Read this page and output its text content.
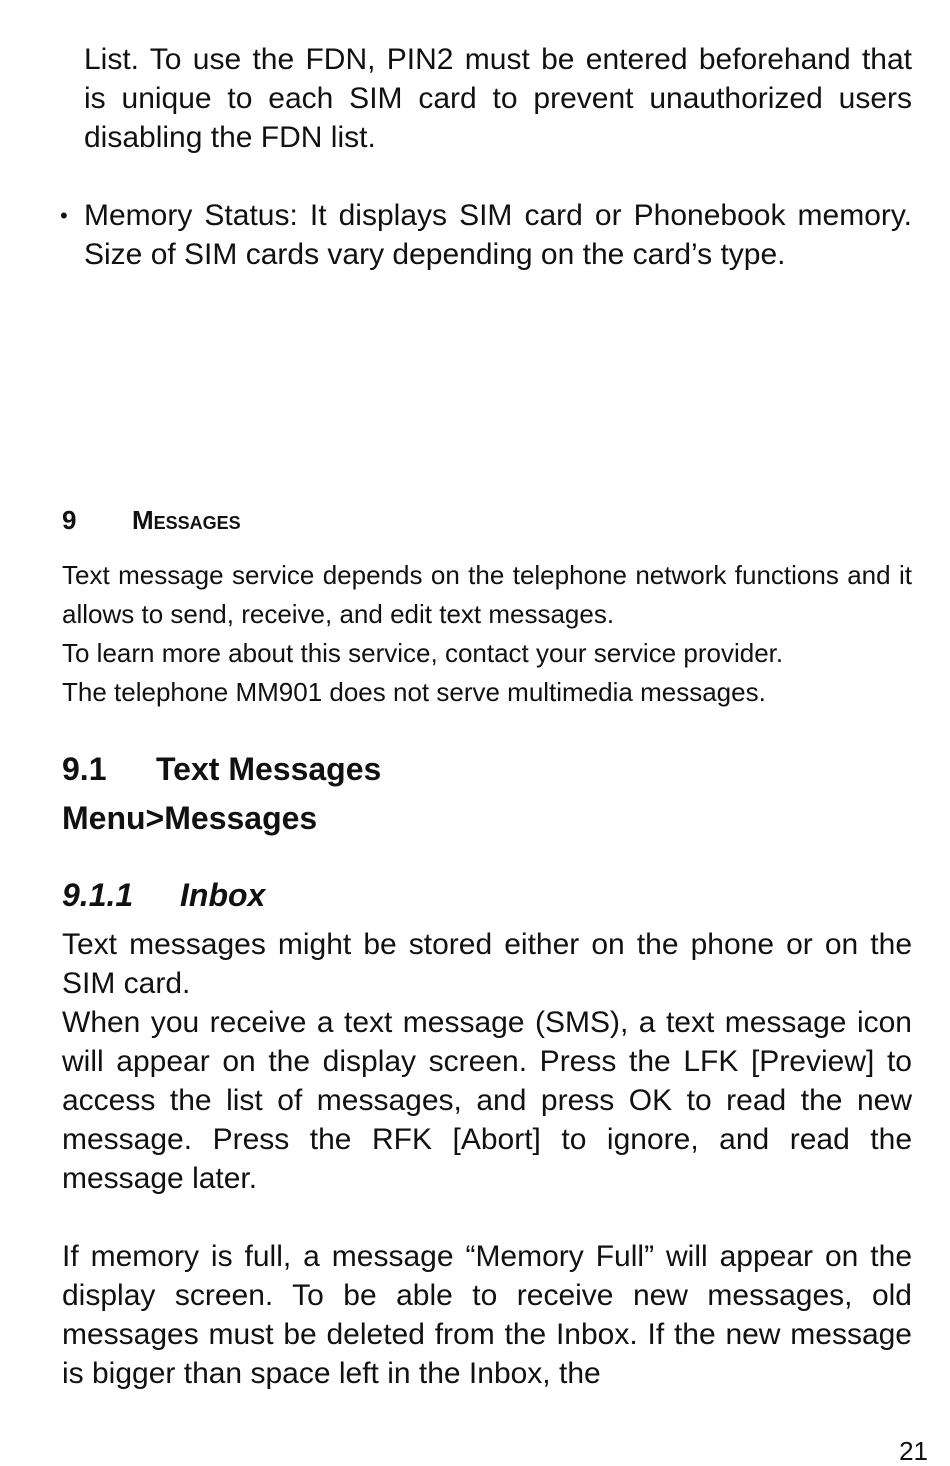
List. To use the FDN, PIN2 must be entered beforehand that is unique to each SIM card to prevent unauthorized users disabling the FDN list.
• Memory Status: It displays SIM card or Phonebook memory. Size of SIM cards vary depending on the card’s type.
9 Messages
Text message service depends on the telephone network functions and it allows to send, receive, and edit text messages.
To learn more about this service, contact your service provider.
The telephone MM901 does not serve multimedia messages.
9.1 Text Messages
Menu>Messages
9.1.1 Inbox
Text messages might be stored either on the phone or on the SIM card.
When you receive a text message (SMS), a text message icon will appear on the display screen. Press the LFK [Preview] to access the list of messages, and press OK to read the new message. Press the RFK [Abort] to ignore, and read the message later.
If memory is full, a message “Memory Full” will appear on the display screen. To be able to receive new messages, old messages must be deleted from the Inbox. If the new message is bigger than space left in the Inbox, the
21
